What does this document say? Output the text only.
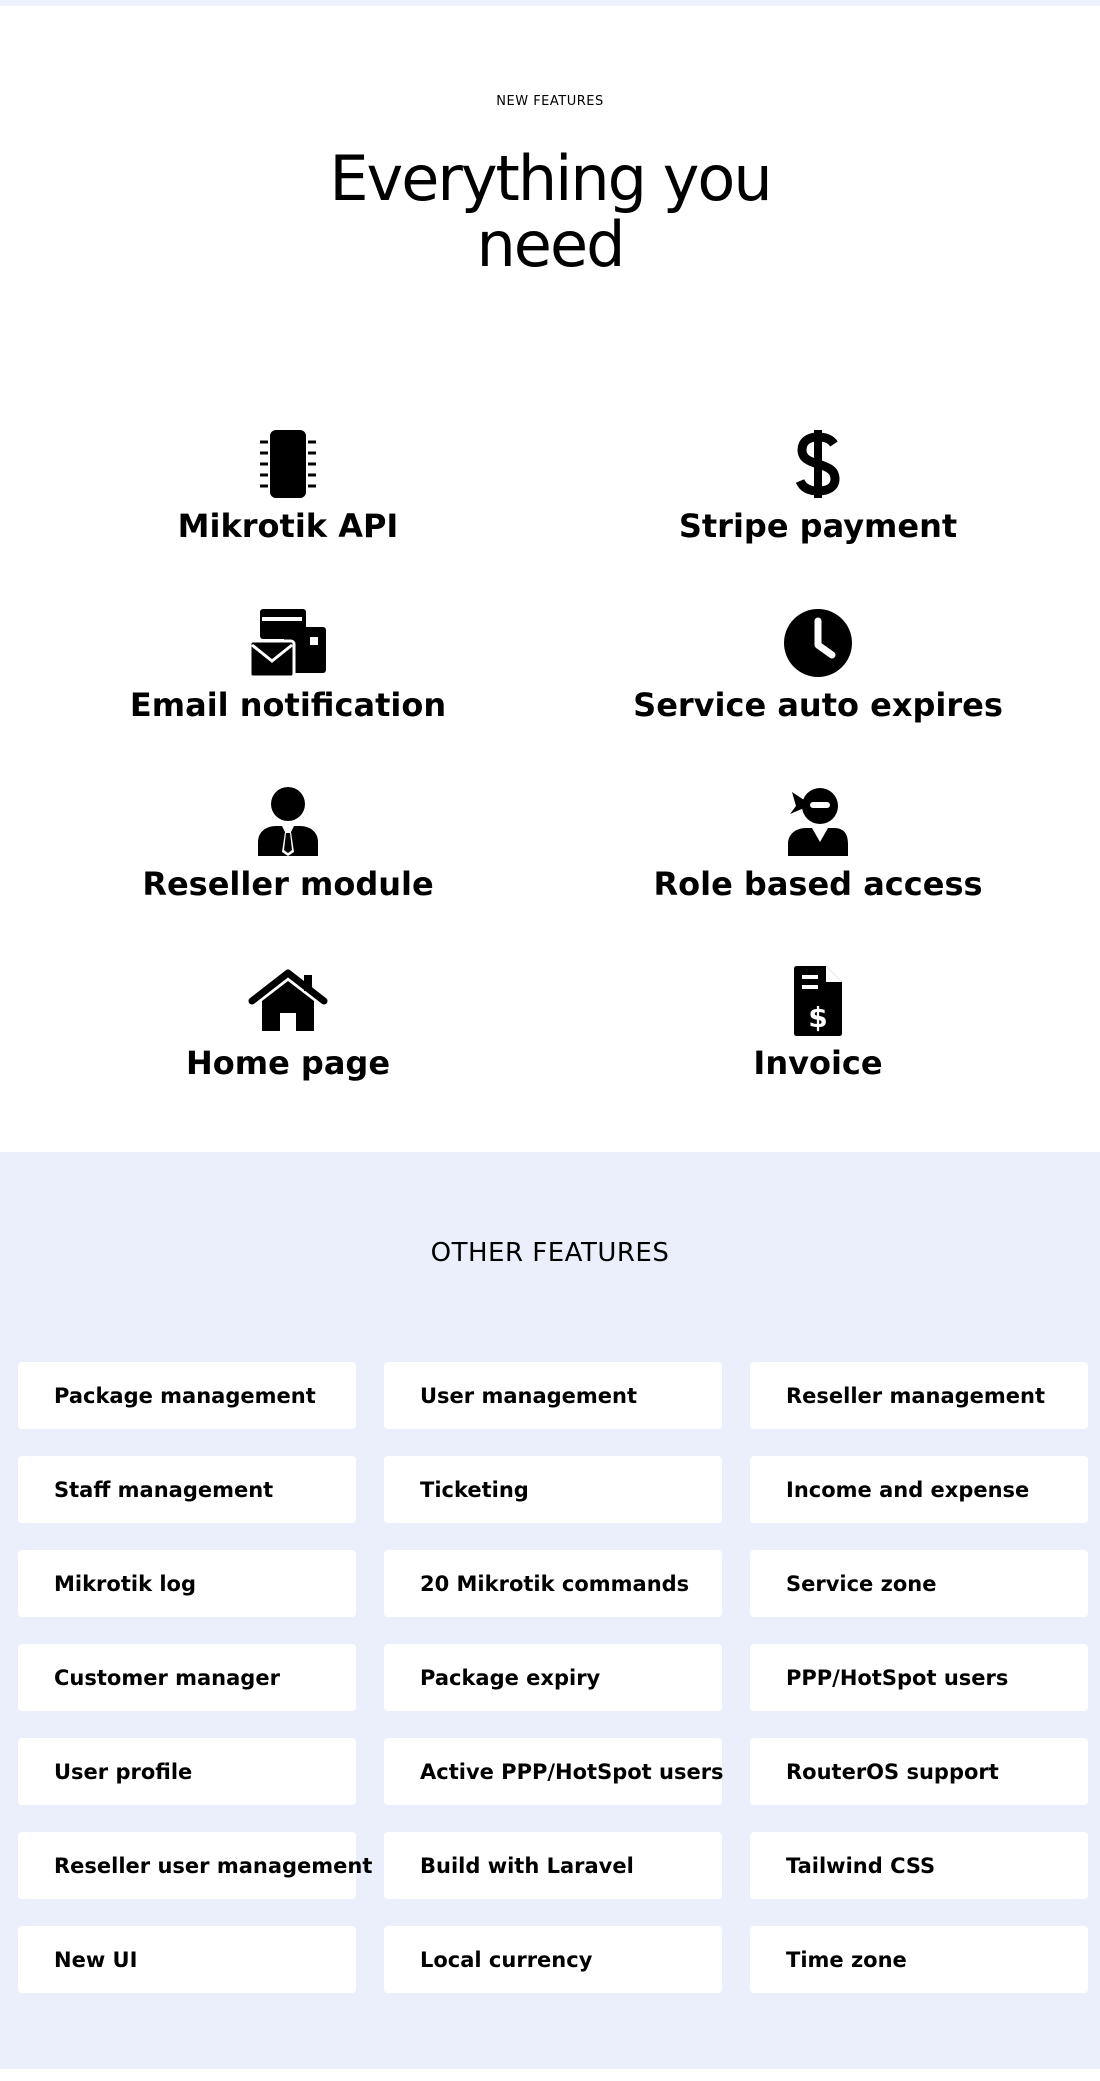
NEW FEATURES
Everything you
need
Mikrotik API	Stripe payment
Email notification	Service auto expires
Reseller module	Role based access
Home page
$
Invoice
OTHER FEATURES
Package management	User management	Reseller management
Staff management	Ticketing	Income and expense
Mikrotik log	20 Mikrotik commands	Service zone
Customer manager	Package expiry	PPP/HotSpot users
User profile	Active PPP/HotSpot users	RouterOS support
Reseller user management	Build with Laravel	Tailwind CSS
New UI	Local currency	Time zone
